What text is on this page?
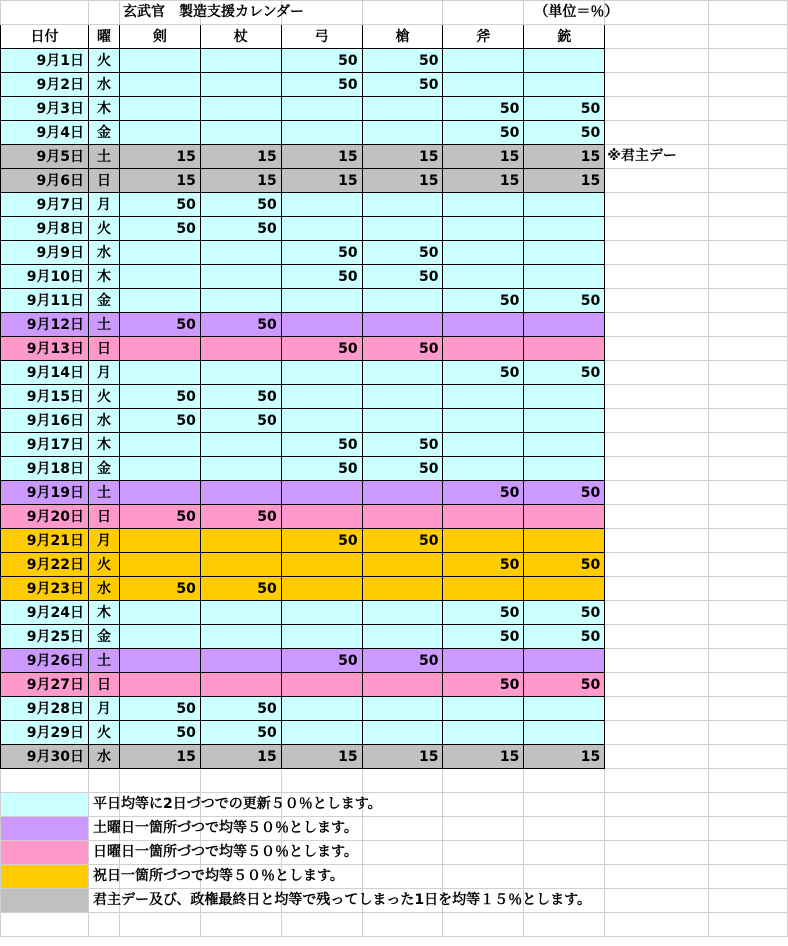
	玄武官　製造支援カレンダー						（単位＝％）		

日付	曜	剣	杖	弓	槍	斧	銃		
9月1日	火			50	50				
9月2日	水			50	50				
9月3日	木					50	50		
9月4日	金					50	50		
9月5日	土	15	15	15	15	15	15	※君主デー	

9月6日	日	15	15	15	15	15	15		
9月7日	月	50	50						
9月8日	火	50	50						
9月9日	水			50	50				
9月10日	木			50	50				
9月11日	金					50	50		
9月12日	土	50	50						
9月13日	日			50	50				
9月14日	月					50	50		
9月15日	火	50	50						
9月16日	水	50	50						
9月17日	木			50	50				
9月18日	金			50	50				
9月19日	土					50	50		
9月20日	日	50	50						
9月21日	月			50	50				
9月22日	火					50	50		
9月23日	水	50	50						
9月24日	木					50	50		
9月25日	金					50	50		
9月26日	土			50	50				
9月27日	日					50	50		
9月28日	月	50	50						
9月29日	火	50	50						
9月30日	水	15	15	15	15	15	15		

	平日均等に2日づつでの更新５０％とします。								

	土曜日一箇所づつで均等５０％とします。								

	日曜日一箇所づつで均等５０％とします。								

	祝日一箇所づつで均等５０％とします。								

	君主デー及び、政権最終日と均等で残ってしまった1日を均等１５％とします。								
